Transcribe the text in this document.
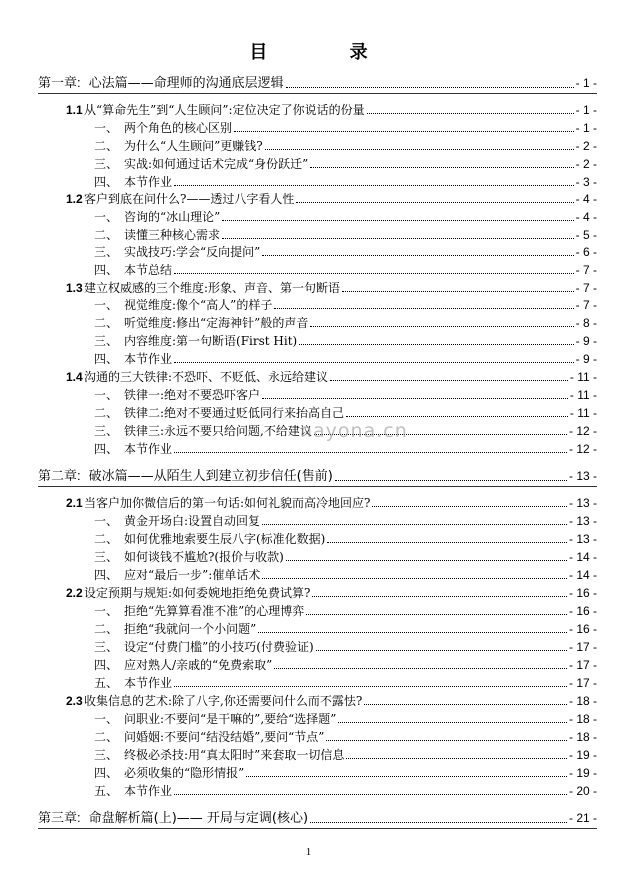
目 录
第一章: 心法篇——命理师的沟通底层逻辑	- 1 -
1.1 从“算命先生”到“人生顾问”:定位决定了你说话的份量	- 1 -
一、 两个角色的核心区别	- 1 -
二、 为什么“人生顾问”更赚钱?	- 2 -
三、 实战:如何通过话术完成“身份跃迁”	- 2 -
四、 本节作业	- 3 -
1.2 客户到底在问什么?——透过八字看人性	- 4 -
一、 咨询的“冰山理论”	- 4 -
二、 读懂三种核心需求	- 5 -
三、 实战技巧:学会“反向提问”	- 6 -
四、 本节总结	- 7 -
1.3 建立权威感的三个维度:形象、声音、第一句断语	- 7 -
一、 视觉维度:像个“高人”的样子	- 7 -
二、 听觉维度:修出“定海神针”般的声音	- 8 -
三、 内容维度:第一句断语(First Hit)	- 9 -
四、 本节作业	- 9 -
1.4 沟通的三大铁律:不恐吓、不贬低、永远给建议	- 11 -
一、 铁律一:绝对不要恐吓客户	- 11 -
二、 铁律二:绝对不要通过贬低同行来抬高自己	- 11 -
三、 铁律三:永远不要只给问题,不给建议	- 12 -
四、 本节作业	- 12 -
第二章: 破冰篇——从陌生人到建立初步信任(售前)	- 13 -
2.1 当客户加你微信后的第一句话:如何礼貌而高冷地回应?	- 13 -
一、 黄金开场白:设置自动回复	- 13 -
二、 如何优雅地索要生辰八字(标准化数据)	- 13 -
三、 如何谈钱不尴尬?(报价与收款)	- 14 -
四、 应对“最后一步”:催单话术	- 14 -
2.2 设定预期与规矩:如何委婉地拒绝免费试算?	- 16 -
一、 拒绝“先算算看准不准”的心理博弈	- 16 -
二、 拒绝“我就问一个小问题”	- 16 -
三、 设定“付费门槛”的小技巧(付费验证)	- 17 -
四、 应对熟人/亲戚的“免费索取”	- 17 -
五、 本节作业	- 17 -
2.3 收集信息的艺术:除了八字,你还需要问什么而不露怯?	- 18 -
一、 问职业:不要问“是干嘛的”,要给“选择题”	- 18 -
二、 问婚姻:不要问“结没结婚”,要问“节点”	- 18 -
三、 终极必杀技:用“真太阳时”来套取一切信息	- 19 -
四、 必须收集的“隐形情报”	- 19 -
五、 本节作业	- 20 -
第三章: 命盘解析篇(上)—— 开局与定调(核心)	- 21 -
nayona.cn
1
